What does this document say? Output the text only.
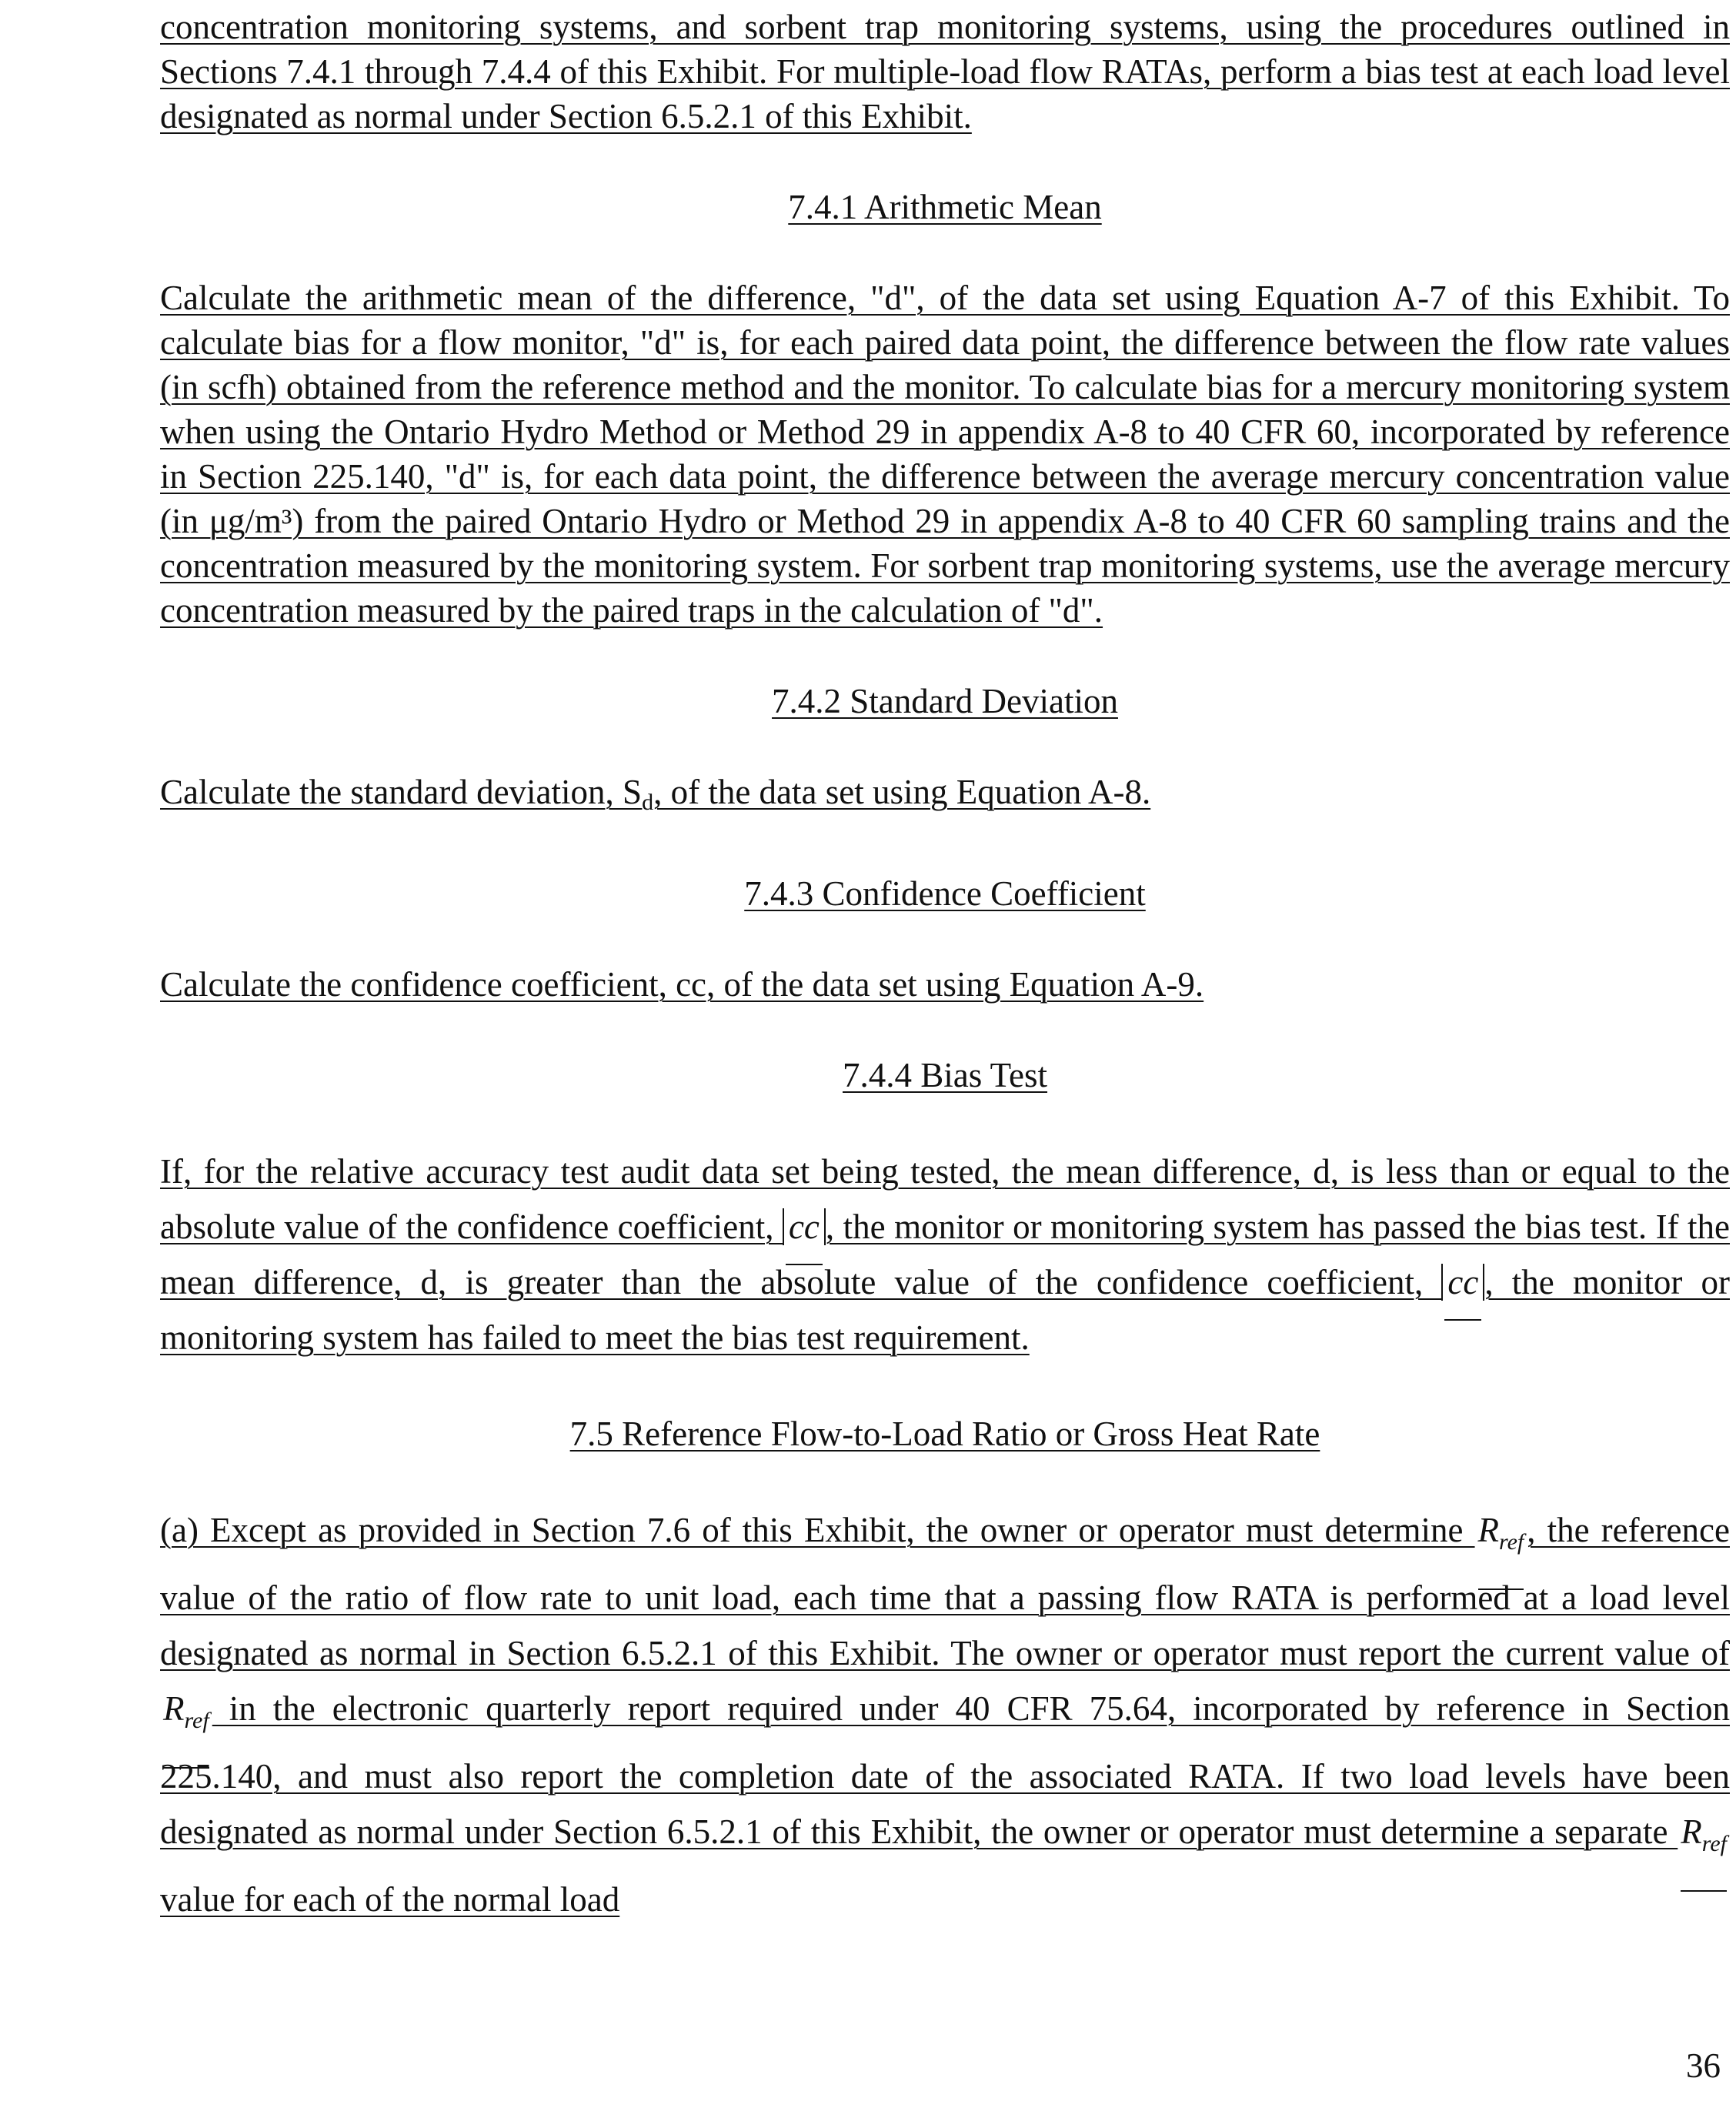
concentration monitoring systems, and sorbent trap monitoring systems, using the procedures outlined in Sections 7.4.1 through 7.4.4 of this Exhibit. For multiple-load flow RATAs, perform a bias test at each load level designated as normal under Section 6.5.2.1 of this Exhibit.

7.4.1 Arithmetic Mean

Calculate the arithmetic mean of the difference, "d", of the data set using Equation A-7 of this Exhibit. To calculate bias for a flow monitor, "d" is, for each paired data point, the difference between the flow rate values (in scfh) obtained from the reference method and the monitor. To calculate bias for a mercury monitoring system when using the Ontario Hydro Method or Method 29 in appendix A-8 to 40 CFR 60, incorporated by reference in Section 225.140, "d" is, for each data point, the difference between the average mercury concentration value (in μg/m³) from the paired Ontario Hydro or Method 29 in appendix A-8 to 40 CFR 60 sampling trains and the concentration measured by the monitoring system. For sorbent trap monitoring systems, use the average mercury concentration measured by the paired traps in the calculation of "d".

7.4.2 Standard Deviation

Calculate the standard deviation, Sd, of the data set using Equation A-8.

7.4.3 Confidence Coefficient

Calculate the confidence coefficient, cc, of the data set using Equation A-9.

7.4.4 Bias Test

If, for the relative accuracy test audit data set being tested, the mean difference, d, is less than or equal to the absolute value of the confidence coefficient, cc , the monitor or monitoring system has passed the bias test. If the mean difference, d, is greater than the absolute value of the confidence coefficient, cc , the monitor or monitoring system has failed to meet the bias test requirement.

7.5 Reference Flow-to-Load Ratio or Gross Heat Rate

(a) Except as provided in Section 7.6 of this Exhibit, the owner or operator must determine $R_{ref}$, the reference value of the ratio of flow rate to unit load, each time that a passing flow RATA is performed at a load level designated as normal in Section 6.5.2.1 of this Exhibit. The owner or operator must report the current value of $R_{ref}$ in the electronic quarterly report required under 40 CFR 75.64, incorporated by reference in Section 225.140, and must also report the completion date of the associated RATA. If two load levels have been designated as normal under Section 6.5.2.1 of this Exhibit, the owner or operator must determine a separate $R_{ref}$ value for each of the normal load

36
